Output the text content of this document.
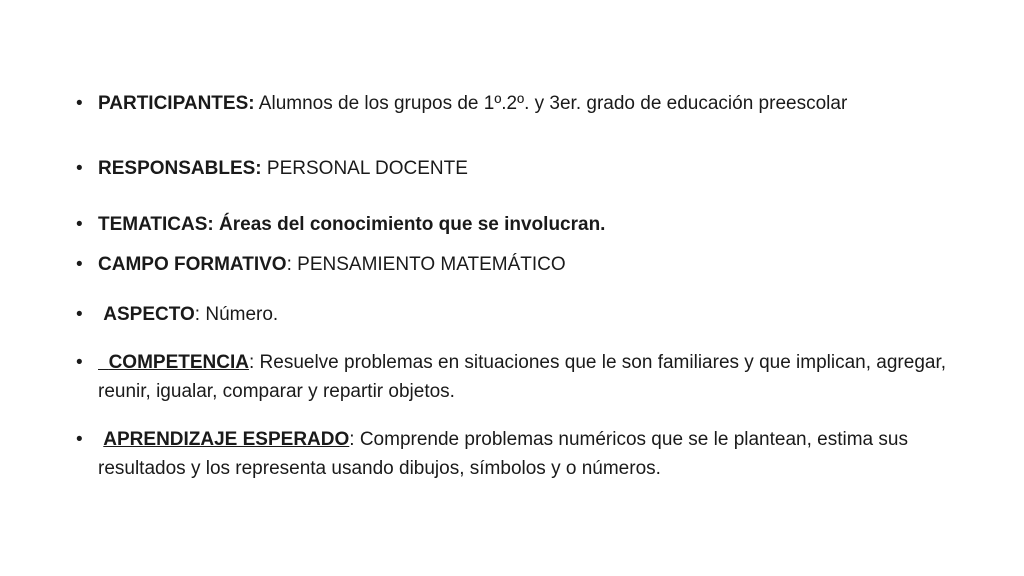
• PARTICIPANTES: Alumnos de los grupos de 1º.2º. y 3er. grado de educación preescolar
• RESPONSABLES: PERSONAL DOCENTE
• TEMATICAS: Áreas del conocimiento que se involucran.
• CAMPO FORMATIVO: PENSAMIENTO MATEMÁTICO
•	ASPECTO: Número.
•	COMPETENCIA: Resuelve problemas en situaciones que le son familiares y que implican, agregar, reunir, igualar, comparar y repartir objetos.
•	APRENDIZAJE ESPERADO: Comprende problemas numéricos que se le plantean, estima sus resultados y los representa usando dibujos, símbolos y o números.
